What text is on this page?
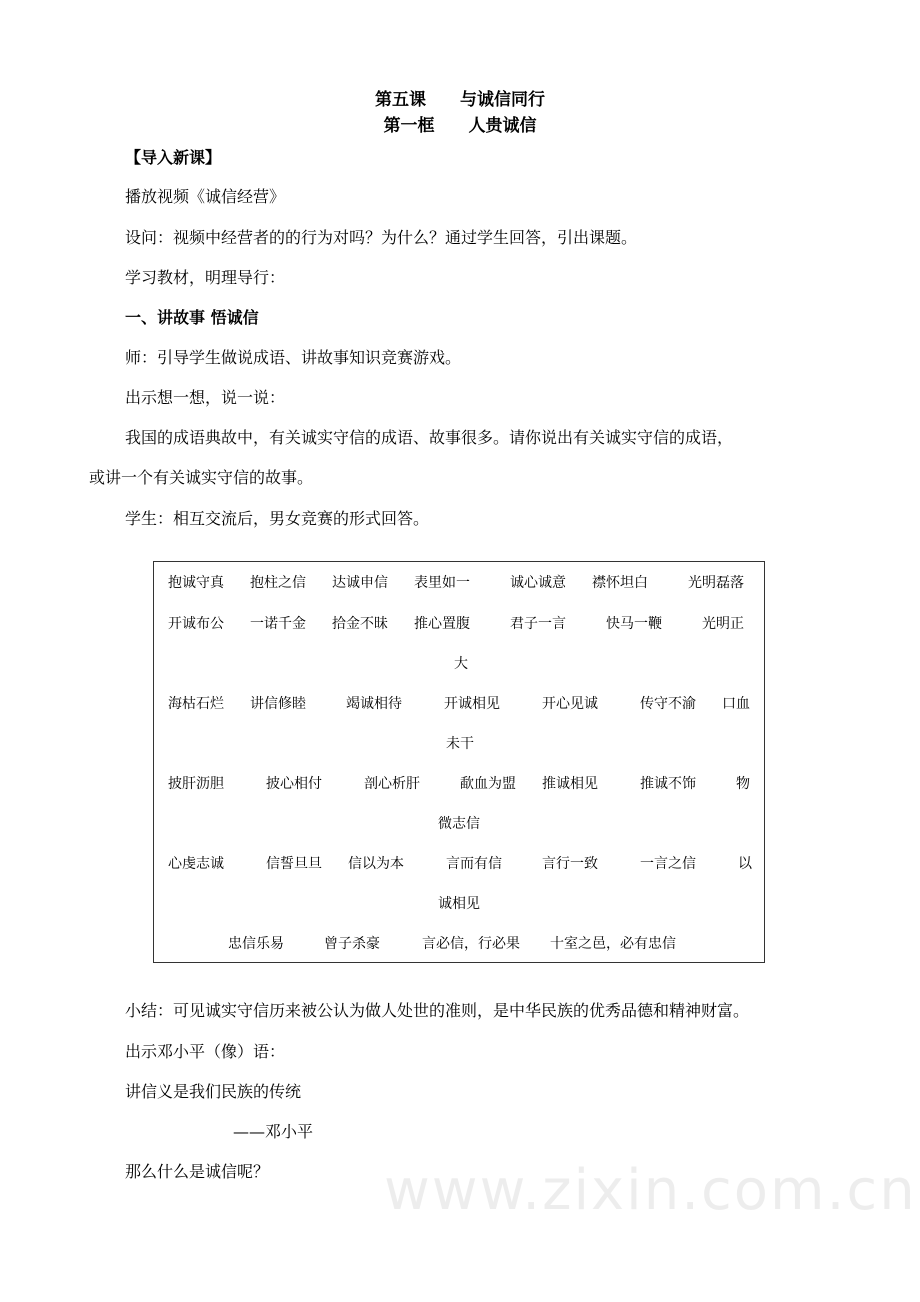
第五课　　与诚信同行
第一框　　人贵诚信
【导入新课】
播放视频《诚信经营》
设问：视频中经营者的的行为对吗？为什么？通过学生回答，引出课题。
学习教材，明理导行：
一、讲故事 悟诚信
师：引导学生做说成语、讲故事知识竞赛游戏。
出示想一想，说一说：
我国的成语典故中，有关诚实守信的成语、故事很多。请你说出有关诚实守信的成语，
或讲一个有关诚实守信的故事。
学生：相互交流后，男女竞赛的形式回答。
www.zixin.com.cn
抱诚守真 抱柱之信 达诚申信 表里如一	诚心诚意 襟怀坦白	光明磊落
开诚布公 一诺千金 拾金不昧 推心置腹	君子一言	快马一鞭	光明正
大
海枯石烂 讲信修睦	竭诚相待	开诚相见	开心见诚	传守不渝 口血
未干
披肝沥胆	披心相付	剖心析肝	歃血为盟 推诚相见	推诚不饰	物
微志信
心虔志诚	信誓旦旦 信以为本	言而有信	言行一致	一言之信	以
诚相见
忠信乐易	曾子杀豪	言必信，行必果 十室之邑，必有忠信
小结：可见诚实守信历来被公认为做人处世的准则，是中华民族的优秀品德和精神财富。
出示邓小平（像）语：
讲信义是我们民族的传统
——邓小平
那么什么是诚信呢？
